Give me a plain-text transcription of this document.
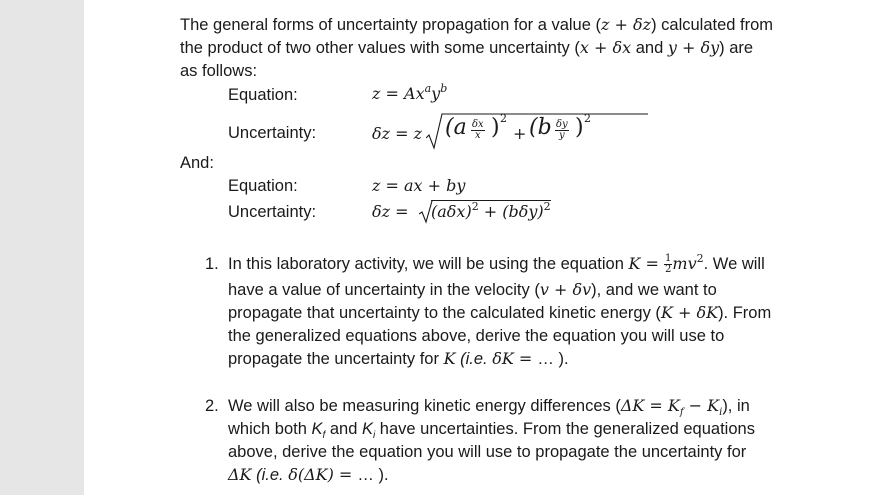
The general forms of uncertainty propagation for a value (z + δz) calculated from
the product of two other values with some uncertainty (x + δx and y + δy) are
as follows:
Equation:	$z = Ax^ay^b$
Uncertainty:	δz = z ($a \frac{\delta x}{x}$ ) 2
+ ($b \frac{\delta y}{y}$ ) 2
And:
Equation:	z = ax + by
Uncertainty:	$\delta z = (a\delta x)^2 + (b\delta y)^2$
1. In this laboratory activity, we will be using the equation $K = \frac{1}{2} mv^2$. We will
have a value of uncertainty in the velocity (v + δv), and we want to
propagate that uncertainty to the calculated kinetic energy (K + δK). From
the generalized equations above, derive the equation you will use to
propagate the uncertainty for K (i.e. δK = … ).
2. We will also be measuring kinetic energy differences $(\Delta K = K_f - K_i)$, in
which both $K_f$ and $K_i$ have uncertainties. From the generalized equations
above, derive the equation you will use to propagate the uncertainty for
ΔK (i.e. δ(ΔK) = … ).
